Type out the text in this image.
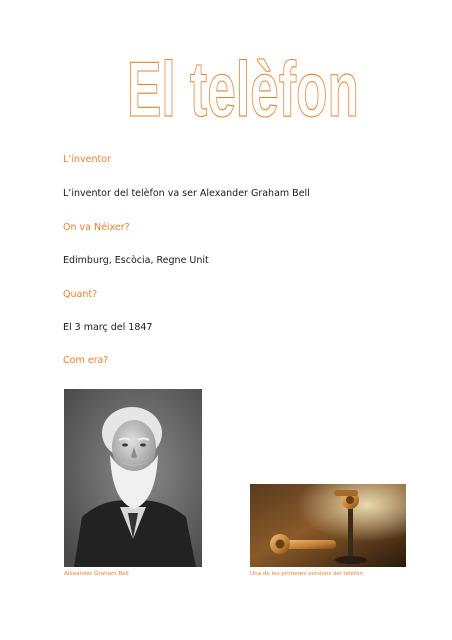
El telèfon
L’inventor
L’inventor del telèfon va ser Alexander Graham Bell
On va Néixer?
Edimburg, Escòcia, Regne Unit
Quant?
El 3 març del 1847
Com era?
Alexander Graham Bell	Una de les primeres versions del telèfon
